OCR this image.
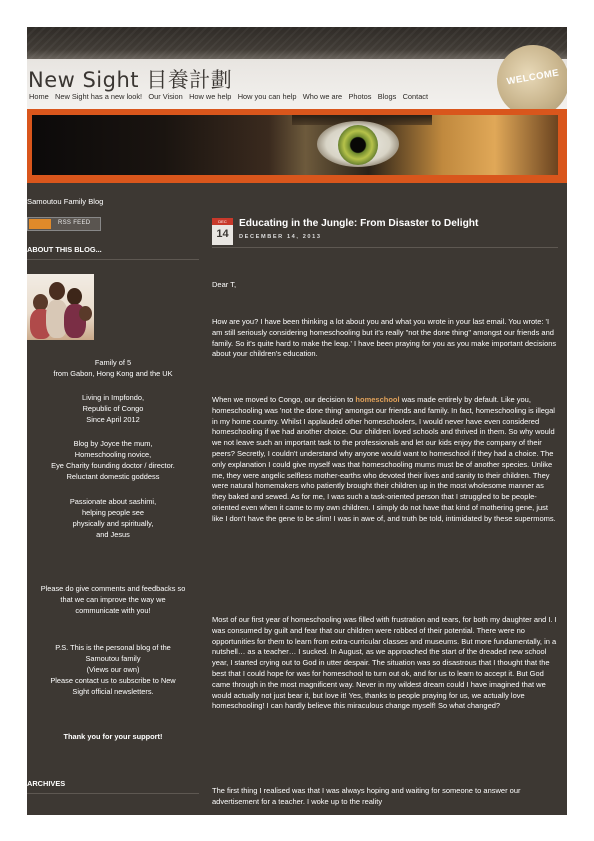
New Sight 目養計劃	WELCOME
Home New Sight has a new look! Our Vision How we help How you can help Who we are Photos Blogs Contact
Samoutou Family Blog
RSS FEED
ABOUT THIS BLOG...
Family of 5
from Gabon, Hong Kong and the UK
Living in Impfondo,
Republic of Congo
Since April 2012
Blog by Joyce the mum,
Homeschooling novice,
Eye Charity founding doctor / director.
Reluctant domestic goddess
Passionate about sashimi,
helping people see
physically and spiritually,
and Jesus
Please do give comments and feedbacks so
that we can improve the way we
communicate with you!
P.S. This is the personal blog of the
Samoutou family
(Views our own)
Please contact us to subscribe to New
Sight official newsletters.
Thank you for your support!
ARCHIVES
DEC
14
Educating in the Jungle: From Disaster to Delight
DECEMBER 14, 2013
Dear T,
How are you? I have been thinking a lot about you and what you wrote in your last email. You wrote: 'I am still seriously considering homeschooling but it's really "not the done thing" amongst our friends and family. So it's quite hard to make the leap.' I have been praying for you as you make important decisions about your children's education.
When we moved to Congo, our decision to homeschool was made entirely by default. Like you, homeschooling was 'not the done thing' amongst our friends and family. In fact, homeschooling is illegal in my home country. Whilst I applauded other homeschoolers, I would never have even considered homeschooling if we had another choice. Our children loved schools and thrived in them. So why would we not leave such an important task to the professionals and let our kids enjoy the company of their peers? Secretly, I couldn't understand why anyone would want to homeschool if they had a choice. The only explanation I could give myself was that homeschooling mums must be of another species. Unlike me, they were angelic selfless mother-earths who devoted their lives and sanity to their children. They were natural homemakers who patiently brought their children up in the most wholesome manner as they baked and sewed. As for me, I was such a task-oriented person that I struggled to be people-oriented even when it came to my own children. I simply do not have that kind of mothering gene, just like I don't have the gene to be slim! I was in awe of, and truth be told, intimidated by these supermoms.
Most of our first year of homeschooling was filled with frustration and tears, for both my daughter and I. I was consumed by guilt and fear that our children were robbed of their potential. There were no opportunities for them to learn from extra-curricular classes and museums. But more fundamentally, in a nutshell… as a teacher… I sucked. In August, as we approached the start of the dreaded new school year, I started crying out to God in utter despair. The situation was so disastrous that I thought that the best that I could hope for was for homeschool to turn out ok, and for us to learn to accept it. But God came through in the most magnificent way. Never in my wildest dream could I have imagined that we would actually not just bear it, but love it! Yes, thanks to people praying for us, we actually love homeschooling! I can hardly believe this miraculous change myself! So what changed?
The first thing I realised was that I was always hoping and waiting for someone to answer our advertisement for a teacher. I woke up to the reality
